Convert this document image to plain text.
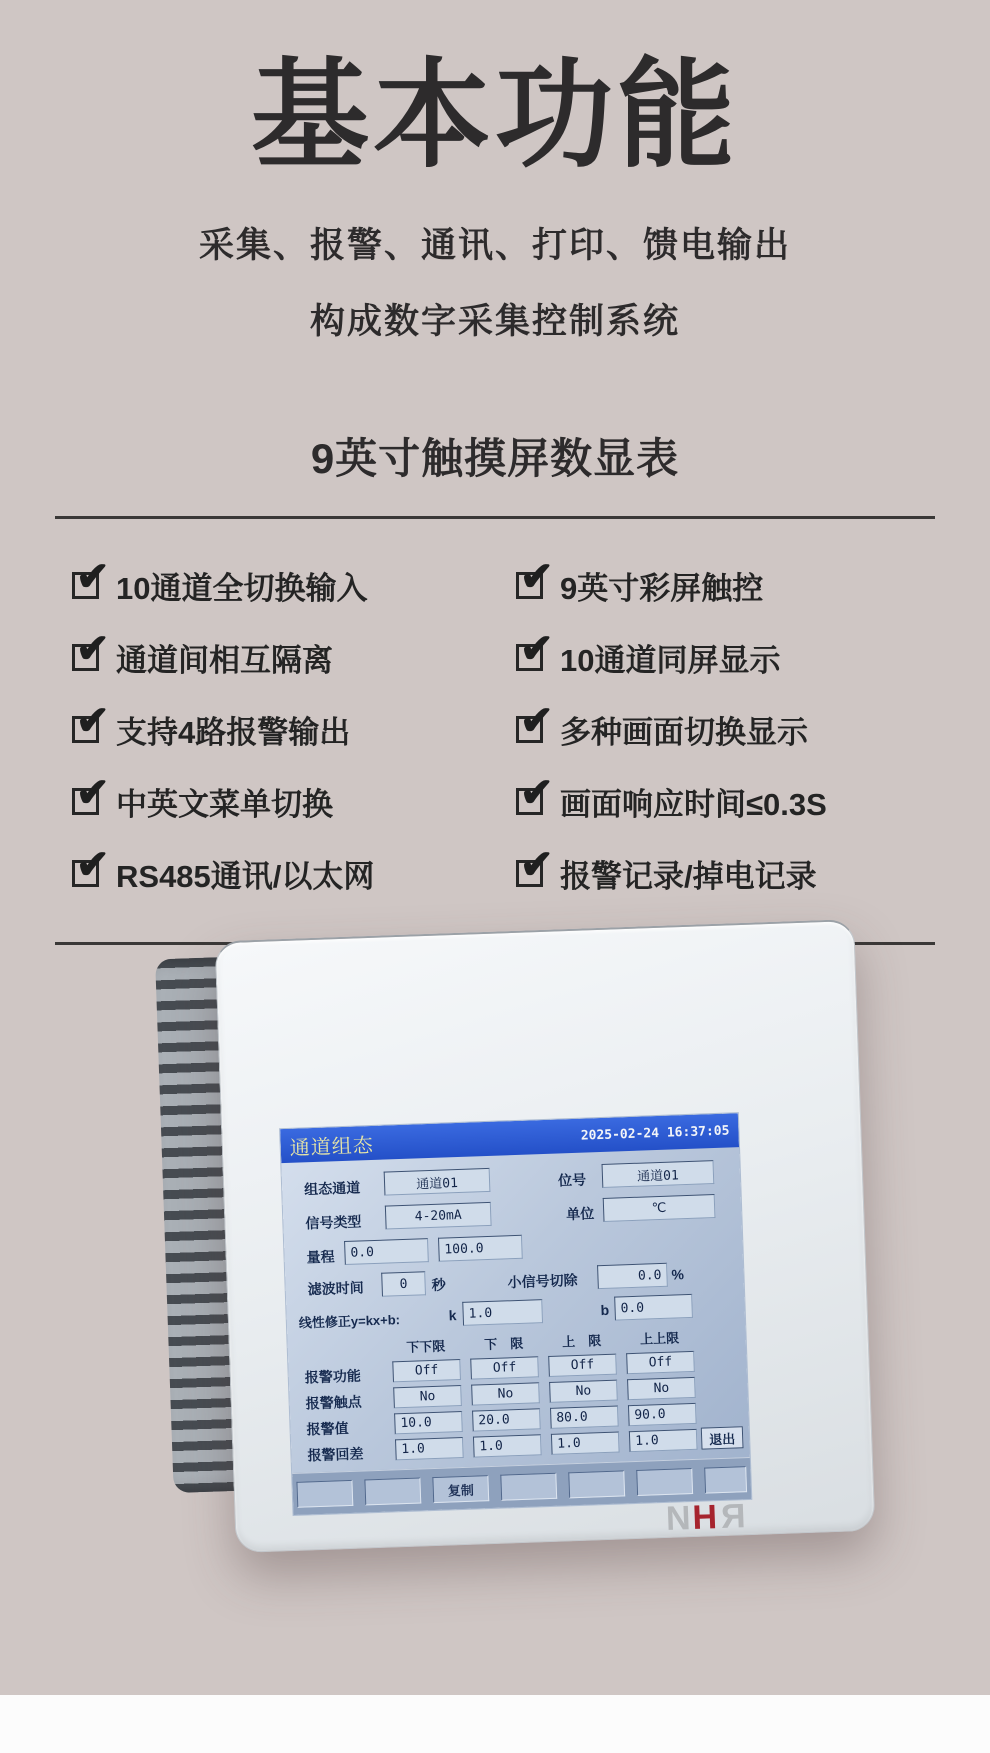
基本功能
采集、报警、通讯、打印、馈电输出
构成数字采集控制系统
9英寸触摸屏数显表
✔ 10通道全切换输入	✔ 9英寸彩屏触控
✔ 通道间相互隔离	✔ 10通道同屏显示
✔ 支持4路报警输出	✔ 多种画面切换显示
✔ 中英文菜单切换	✔ 画面响应时间≤0.3S
✔ RS485通讯/以太网	✔ 报警记录/掉电记录
通道组态
2025-02-24 16:37:05
组态通道	通道01	位号	通道01
信号类型	4-20mA	单位	℃
量程	0.0	100.0
滤波时间	0	秒	小信号切除	0.0 %
线性修正y=kx+b:	k 1.0	b 0.0
下下限	下　限	上　限	上上限
报警功能	Off	Off	Off	Off
报警触点	No	No	No	No
报警值	10.0	20.0	80.0	90.0
报警回差	1.0	1.0	1.0	1.0	退出
复制
N
H
R
